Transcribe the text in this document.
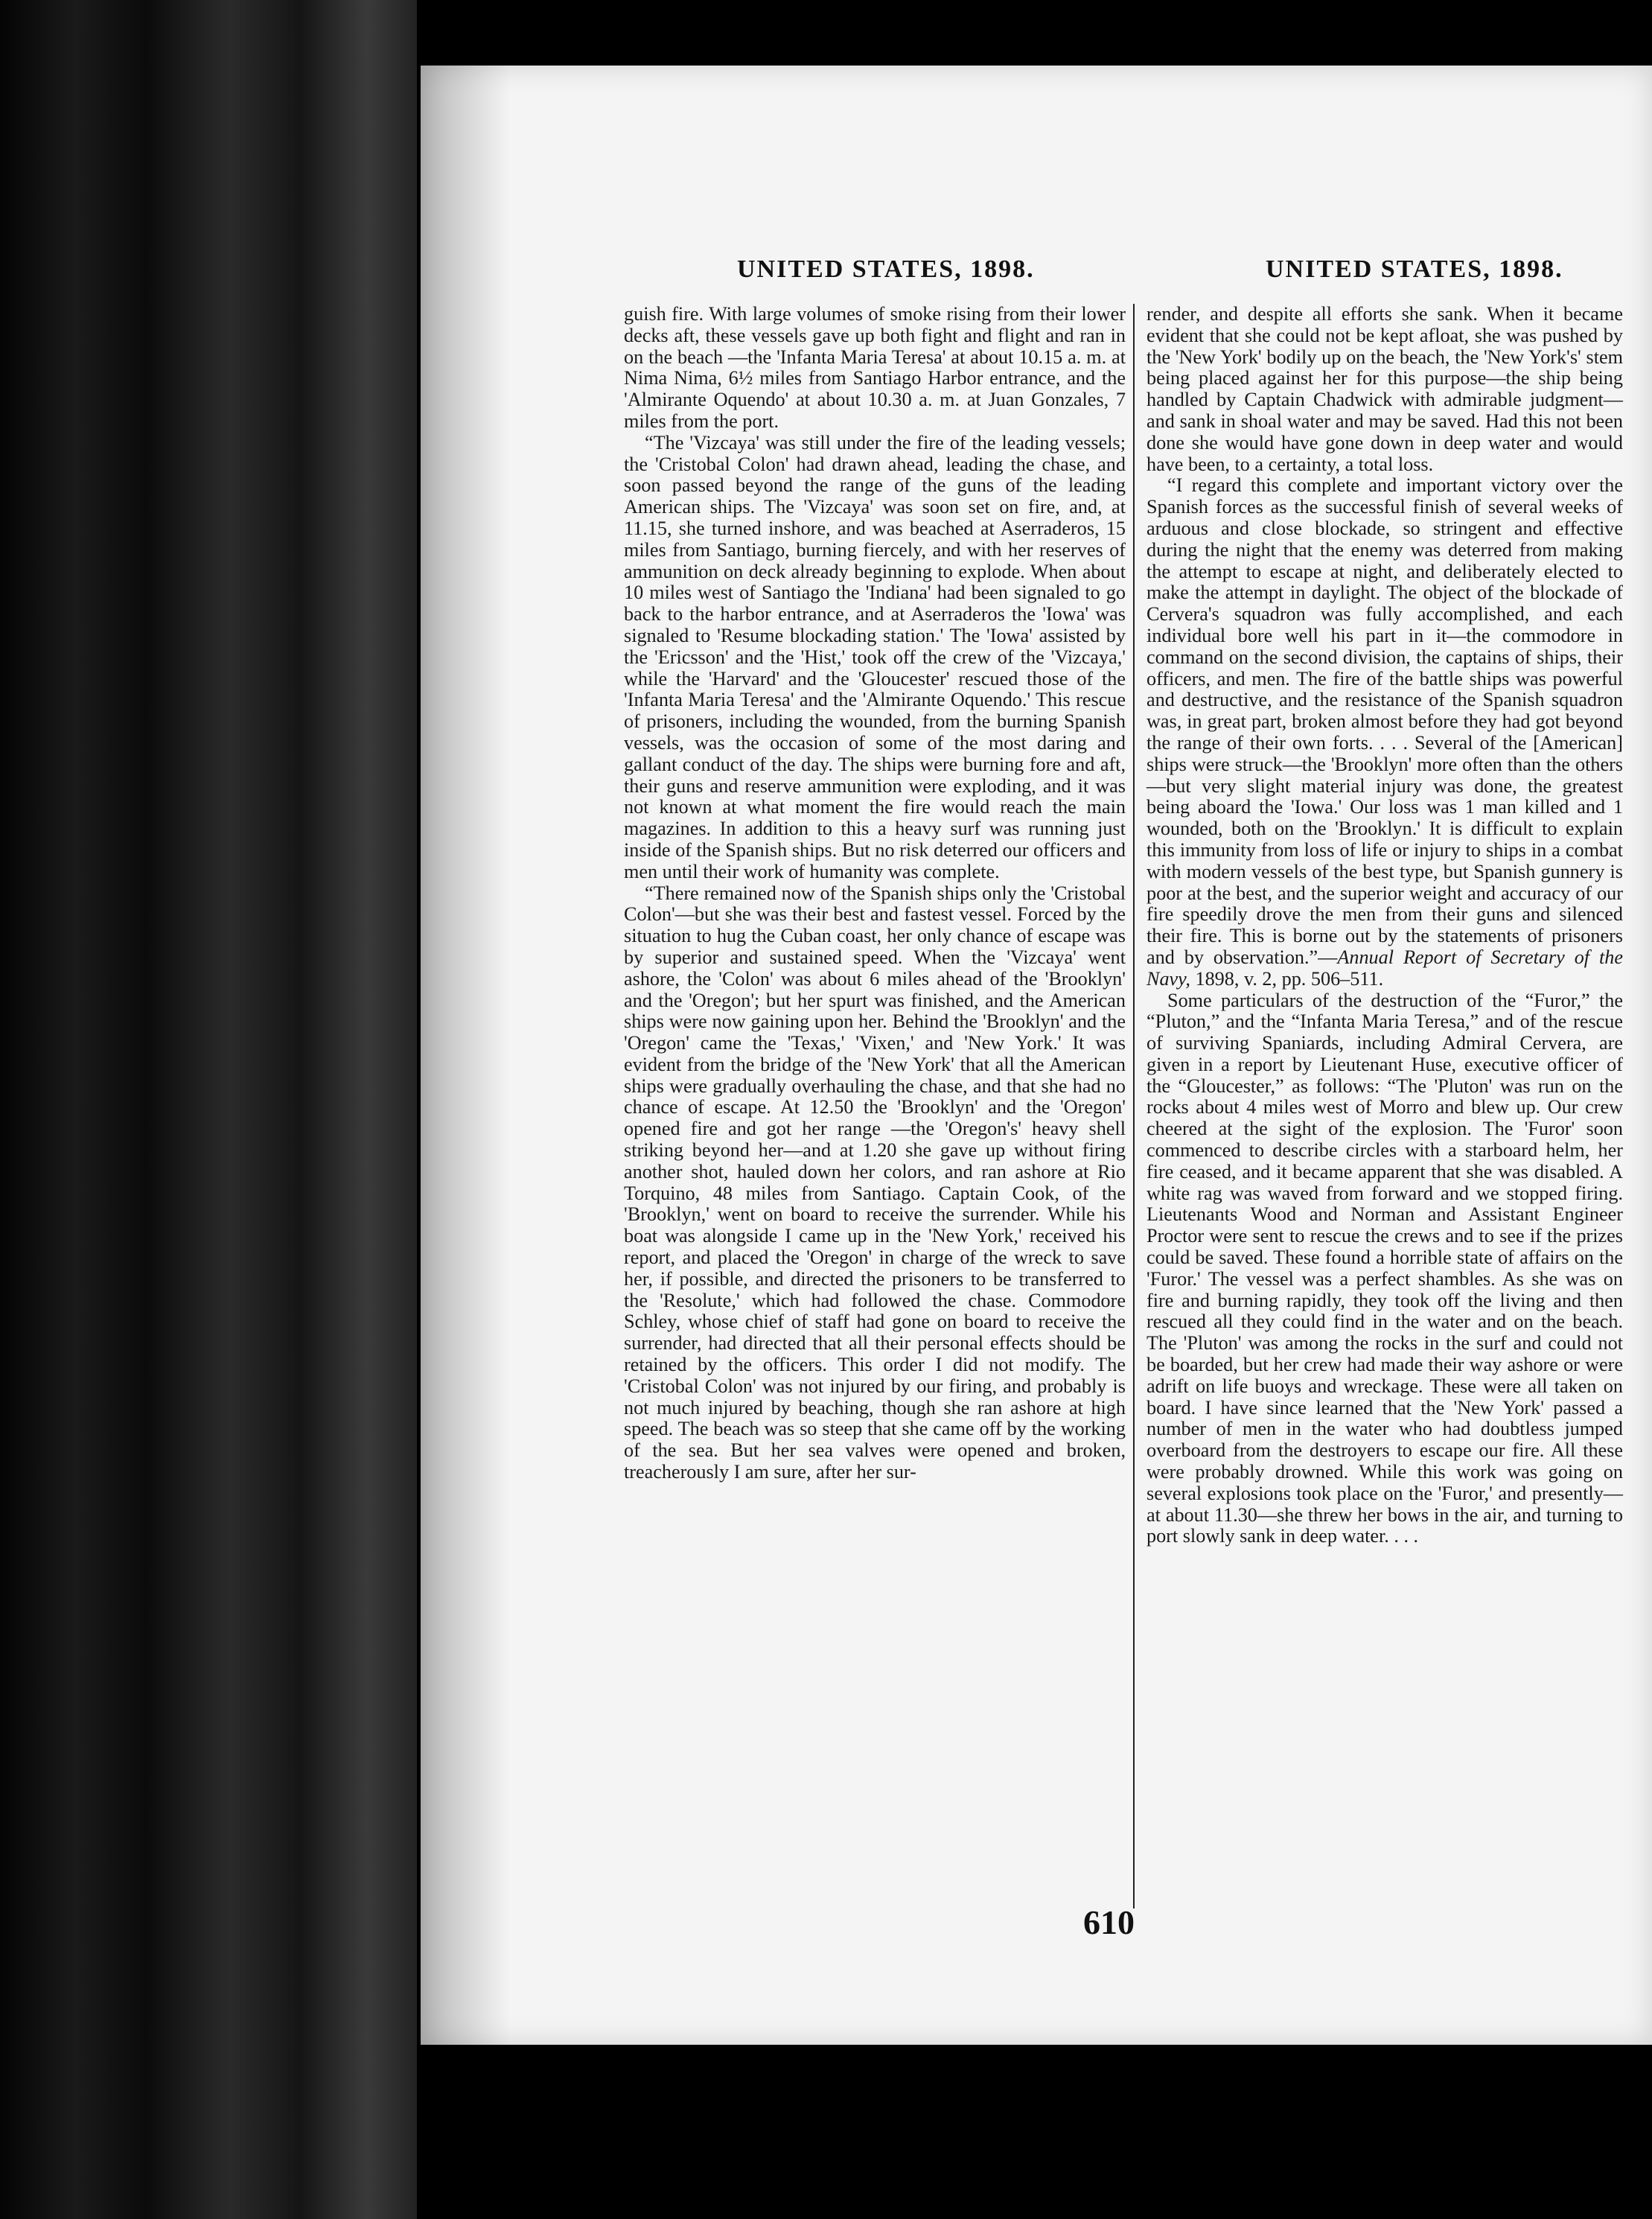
UNITED STATES, 1898.	UNITED STATES, 1898.

guish fire. With large volumes of smoke rising from their lower decks aft, these vessels gave up both fight and flight and ran in on the beach —the 'Infanta Maria Teresa' at about 10.15 a. m. at Nima Nima, 6½ miles from Santiago Harbor entrance, and the 'Almirante Oquendo' at about 10.30 a. m. at Juan Gonzales, 7 miles from the port.

“The 'Vizcaya' was still under the fire of the leading vessels; the 'Cristobal Colon' had drawn ahead, leading the chase, and soon passed beyond the range of the guns of the leading American ships. The 'Vizcaya' was soon set on fire, and, at 11.15, she turned inshore, and was beached at Aserraderos, 15 miles from Santiago, burning fiercely, and with her reserves of ammunition on deck already beginning to explode. When about 10 miles west of Santiago the 'Indiana' had been signaled to go back to the harbor entrance, and at Aserraderos the 'Iowa' was signaled to 'Resume blockading station.' The 'Iowa' assisted by the 'Ericsson' and the 'Hist,' took off the crew of the 'Vizcaya,' while the 'Harvard' and the 'Gloucester' rescued those of the 'Infanta Maria Teresa' and the 'Almirante Oquendo.' This rescue of prisoners, including the wounded, from the burning Spanish vessels, was the occasion of some of the most daring and gallant conduct of the day. The ships were burning fore and aft, their guns and reserve ammunition were exploding, and it was not known at what moment the fire would reach the main magazines. In addition to this a heavy surf was running just inside of the Spanish ships. But no risk deterred our officers and men until their work of humanity was complete.

“There remained now of the Spanish ships only the 'Cristobal Colon'—but she was their best and fastest vessel. Forced by the situation to hug the Cuban coast, her only chance of escape was by superior and sustained speed. When the 'Vizcaya' went ashore, the 'Colon' was about 6 miles ahead of the 'Brooklyn' and the 'Oregon'; but her spurt was finished, and the American ships were now gaining upon her. Behind the 'Brooklyn' and the 'Oregon' came the 'Texas,' 'Vixen,' and 'New York.' It was evident from the bridge of the 'New York' that all the American ships were gradually overhauling the chase, and that she had no chance of escape. At 12.50 the 'Brooklyn' and the 'Oregon' opened fire and got her range —the 'Oregon's' heavy shell striking beyond her—and at 1.20 she gave up without firing another shot, hauled down her colors, and ran ashore at Rio Torquino, 48 miles from Santiago. Captain Cook, of the 'Brooklyn,' went on board to receive the surrender. While his boat was alongside I came up in the 'New York,' received his report, and placed the 'Oregon' in charge of the wreck to save her, if possible, and directed the prisoners to be transferred to the 'Resolute,' which had followed the chase. Commodore Schley, whose chief of staff had gone on board to receive the surrender, had directed that all their personal effects should be retained by the officers. This order I did not modify. The 'Cristobal Colon' was not injured by our firing, and probably is not much injured by beaching, though she ran ashore at high speed. The beach was so steep that she came off by the working of the sea. But her sea valves were opened and broken, treacherously I am sure, after her sur-

render, and despite all efforts she sank. When it became evident that she could not be kept afloat, she was pushed by the 'New York' bodily up on the beach, the 'New York's' stem being placed against her for this purpose—the ship being handled by Captain Chadwick with admirable judgment—and sank in shoal water and may be saved. Had this not been done she would have gone down in deep water and would have been, to a certainty, a total loss.

“I regard this complete and important victory over the Spanish forces as the successful finish of several weeks of arduous and close blockade, so stringent and effective during the night that the enemy was deterred from making the attempt to escape at night, and deliberately elected to make the attempt in daylight. The object of the blockade of Cervera's squadron was fully accomplished, and each individual bore well his part in it—the commodore in command on the second division, the captains of ships, their officers, and men. The fire of the battle ships was powerful and destructive, and the resistance of the Spanish squadron was, in great part, broken almost before they had got beyond the range of their own forts. . . . Several of the [American] ships were struck—the 'Brooklyn' more often than the others—but very slight material injury was done, the greatest being aboard the 'Iowa.' Our loss was 1 man killed and 1 wounded, both on the 'Brooklyn.' It is difficult to explain this immunity from loss of life or injury to ships in a combat with modern vessels of the best type, but Spanish gunnery is poor at the best, and the superior weight and accuracy of our fire speedily drove the men from their guns and silenced their fire. This is borne out by the statements of prisoners and by observation.”—Annual Report of Secretary of the Navy, 1898, v. 2, pp. 506–511.

Some particulars of the destruction of the “Furor,” the “Pluton,” and the “Infanta Maria Teresa,” and of the rescue of surviving Spaniards, including Admiral Cervera, are given in a report by Lieutenant Huse, executive officer of the “Gloucester,” as follows: “The 'Pluton' was run on the rocks about 4 miles west of Morro and blew up. Our crew cheered at the sight of the explosion. The 'Furor' soon commenced to describe circles with a starboard helm, her fire ceased, and it became apparent that she was disabled. A white rag was waved from forward and we stopped firing. Lieutenants Wood and Norman and Assistant Engineer Proctor were sent to rescue the crews and to see if the prizes could be saved. These found a horrible state of affairs on the 'Furor.' The vessel was a perfect shambles. As she was on fire and burning rapidly, they took off the living and then rescued all they could find in the water and on the beach. The 'Pluton' was among the rocks in the surf and could not be boarded, but her crew had made their way ashore or were adrift on life buoys and wreckage. These were all taken on board. I have since learned that the 'New York' passed a number of men in the water who had doubtless jumped overboard from the destroyers to escape our fire. All these were probably drowned. While this work was going on several explosions took place on the 'Furor,' and presently—at about 11.30—she threw her bows in the air, and turning to port slowly sank in deep water. . . .

610
